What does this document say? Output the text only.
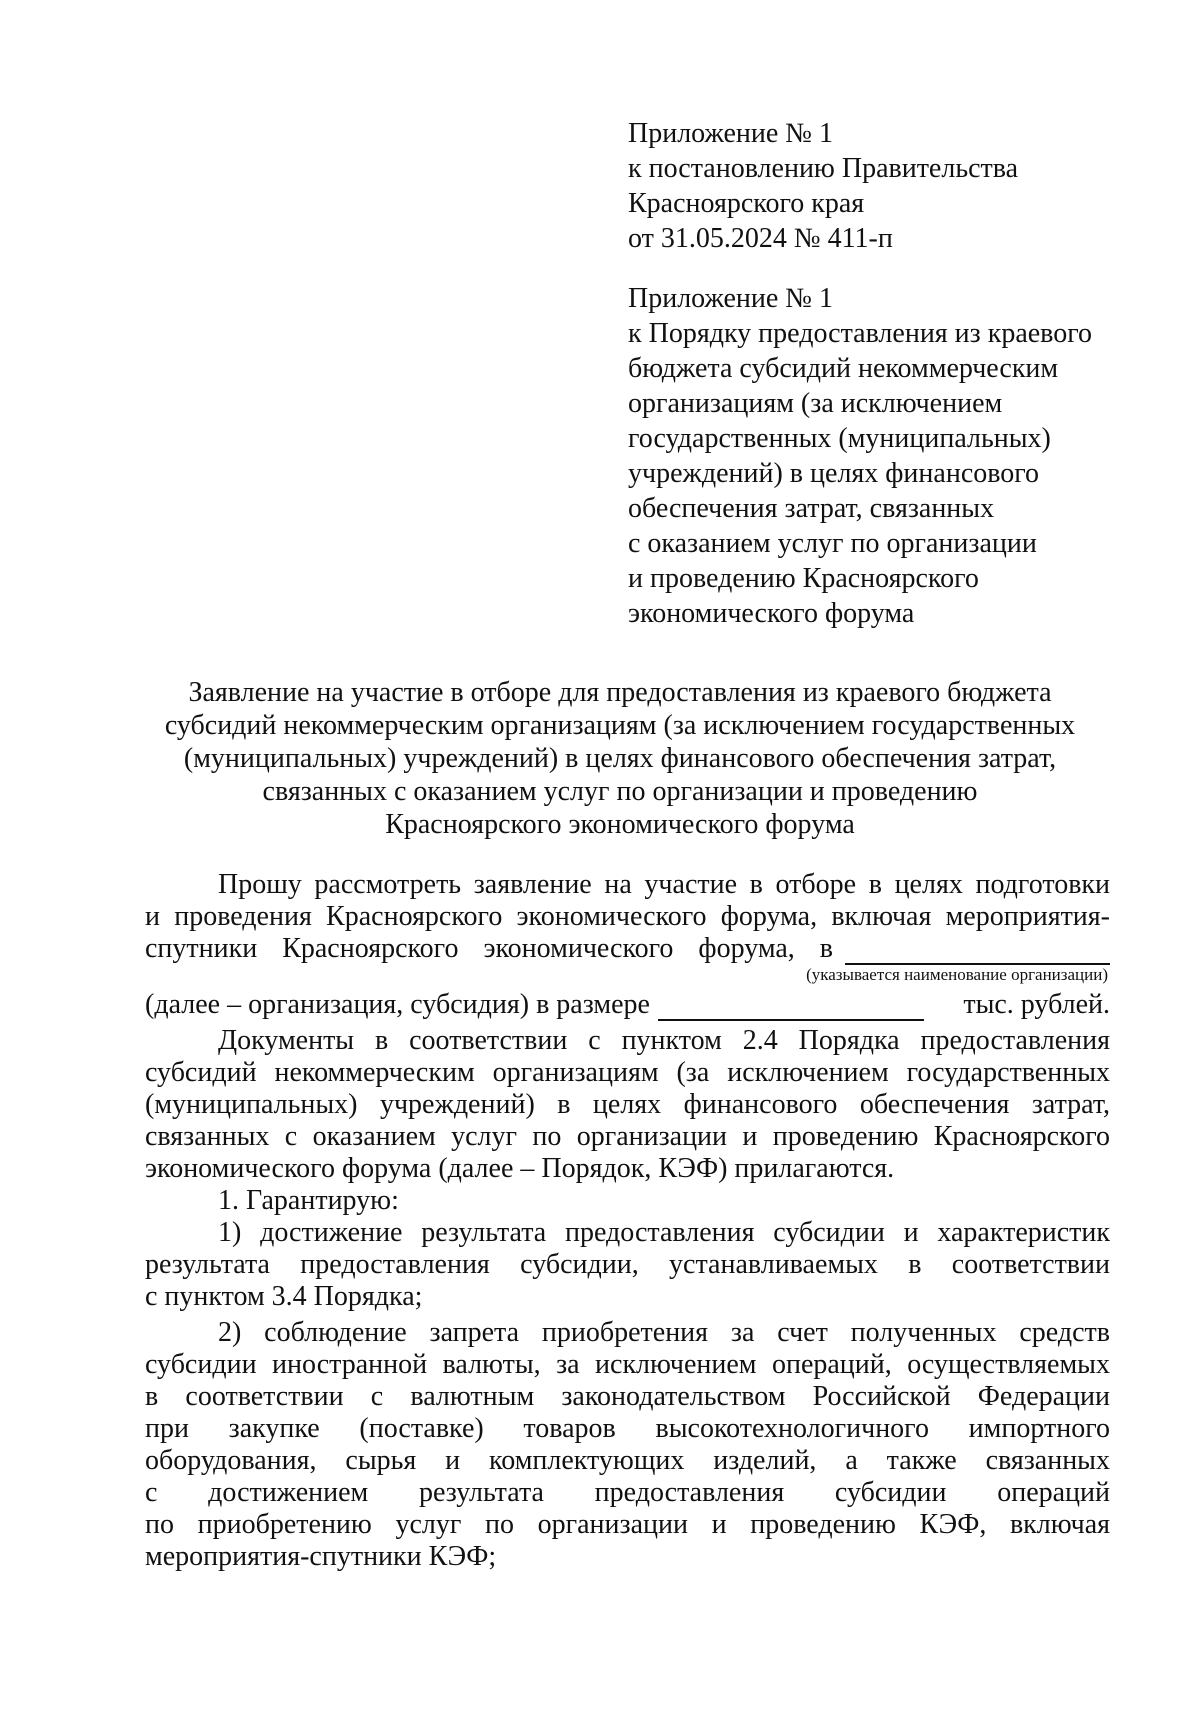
Приложение № 1
к постановлению Правительства
Красноярского края
от 31.05.2024 № 411-п
Приложение № 1
к Порядку предоставления из краевого
бюджета субсидий некоммерческим
организациям (за исключением
государственных (муниципальных)
учреждений) в целях финансового
обеспечения затрат, связанных
с оказанием услуг по организации
и проведению Красноярского
экономического форума
Заявление на участие в отборе для предоставления из краевого бюджета
субсидий некоммерческим организациям (за исключением государственных
(муниципальных) учреждений) в целях финансового обеспечения затрат,
связанных с оказанием услуг по организации и проведению
Красноярского экономического форума
Прошу рассмотреть заявление на участие в отборе в целях подготовки
и проведения Красноярского экономического форума, включая мероприятия-
спутники Красноярского экономического форума, в
(указывается наименование организации)
(далее – организация, субсидия) в размере	тыс. рублей.
Документы в соответствии с пунктом 2.4 Порядка предоставления
субсидий некоммерческим организациям (за исключением государственных
(муниципальных) учреждений) в целях финансового обеспечения затрат,
связанных с оказанием услуг по организации и проведению Красноярского
экономического форума (далее – Порядок, КЭФ) прилагаются.
1. Гарантирую:
1) достижение результата предоставления субсидии и характеристик
результата предоставления субсидии, устанавливаемых в соответствии
с пунктом 3.4 Порядка;
2) соблюдение запрета приобретения за счет полученных средств
субсидии иностранной валюты, за исключением операций, осуществляемых
в соответствии с валютным законодательством Российской Федерации
при закупке (поставке) товаров высокотехнологичного импортного
оборудования, сырья и комплектующих изделий, а также связанных
с достижением результата предоставления субсидии операций
по приобретению услуг по организации и проведению КЭФ, включая
мероприятия-спутники КЭФ;
